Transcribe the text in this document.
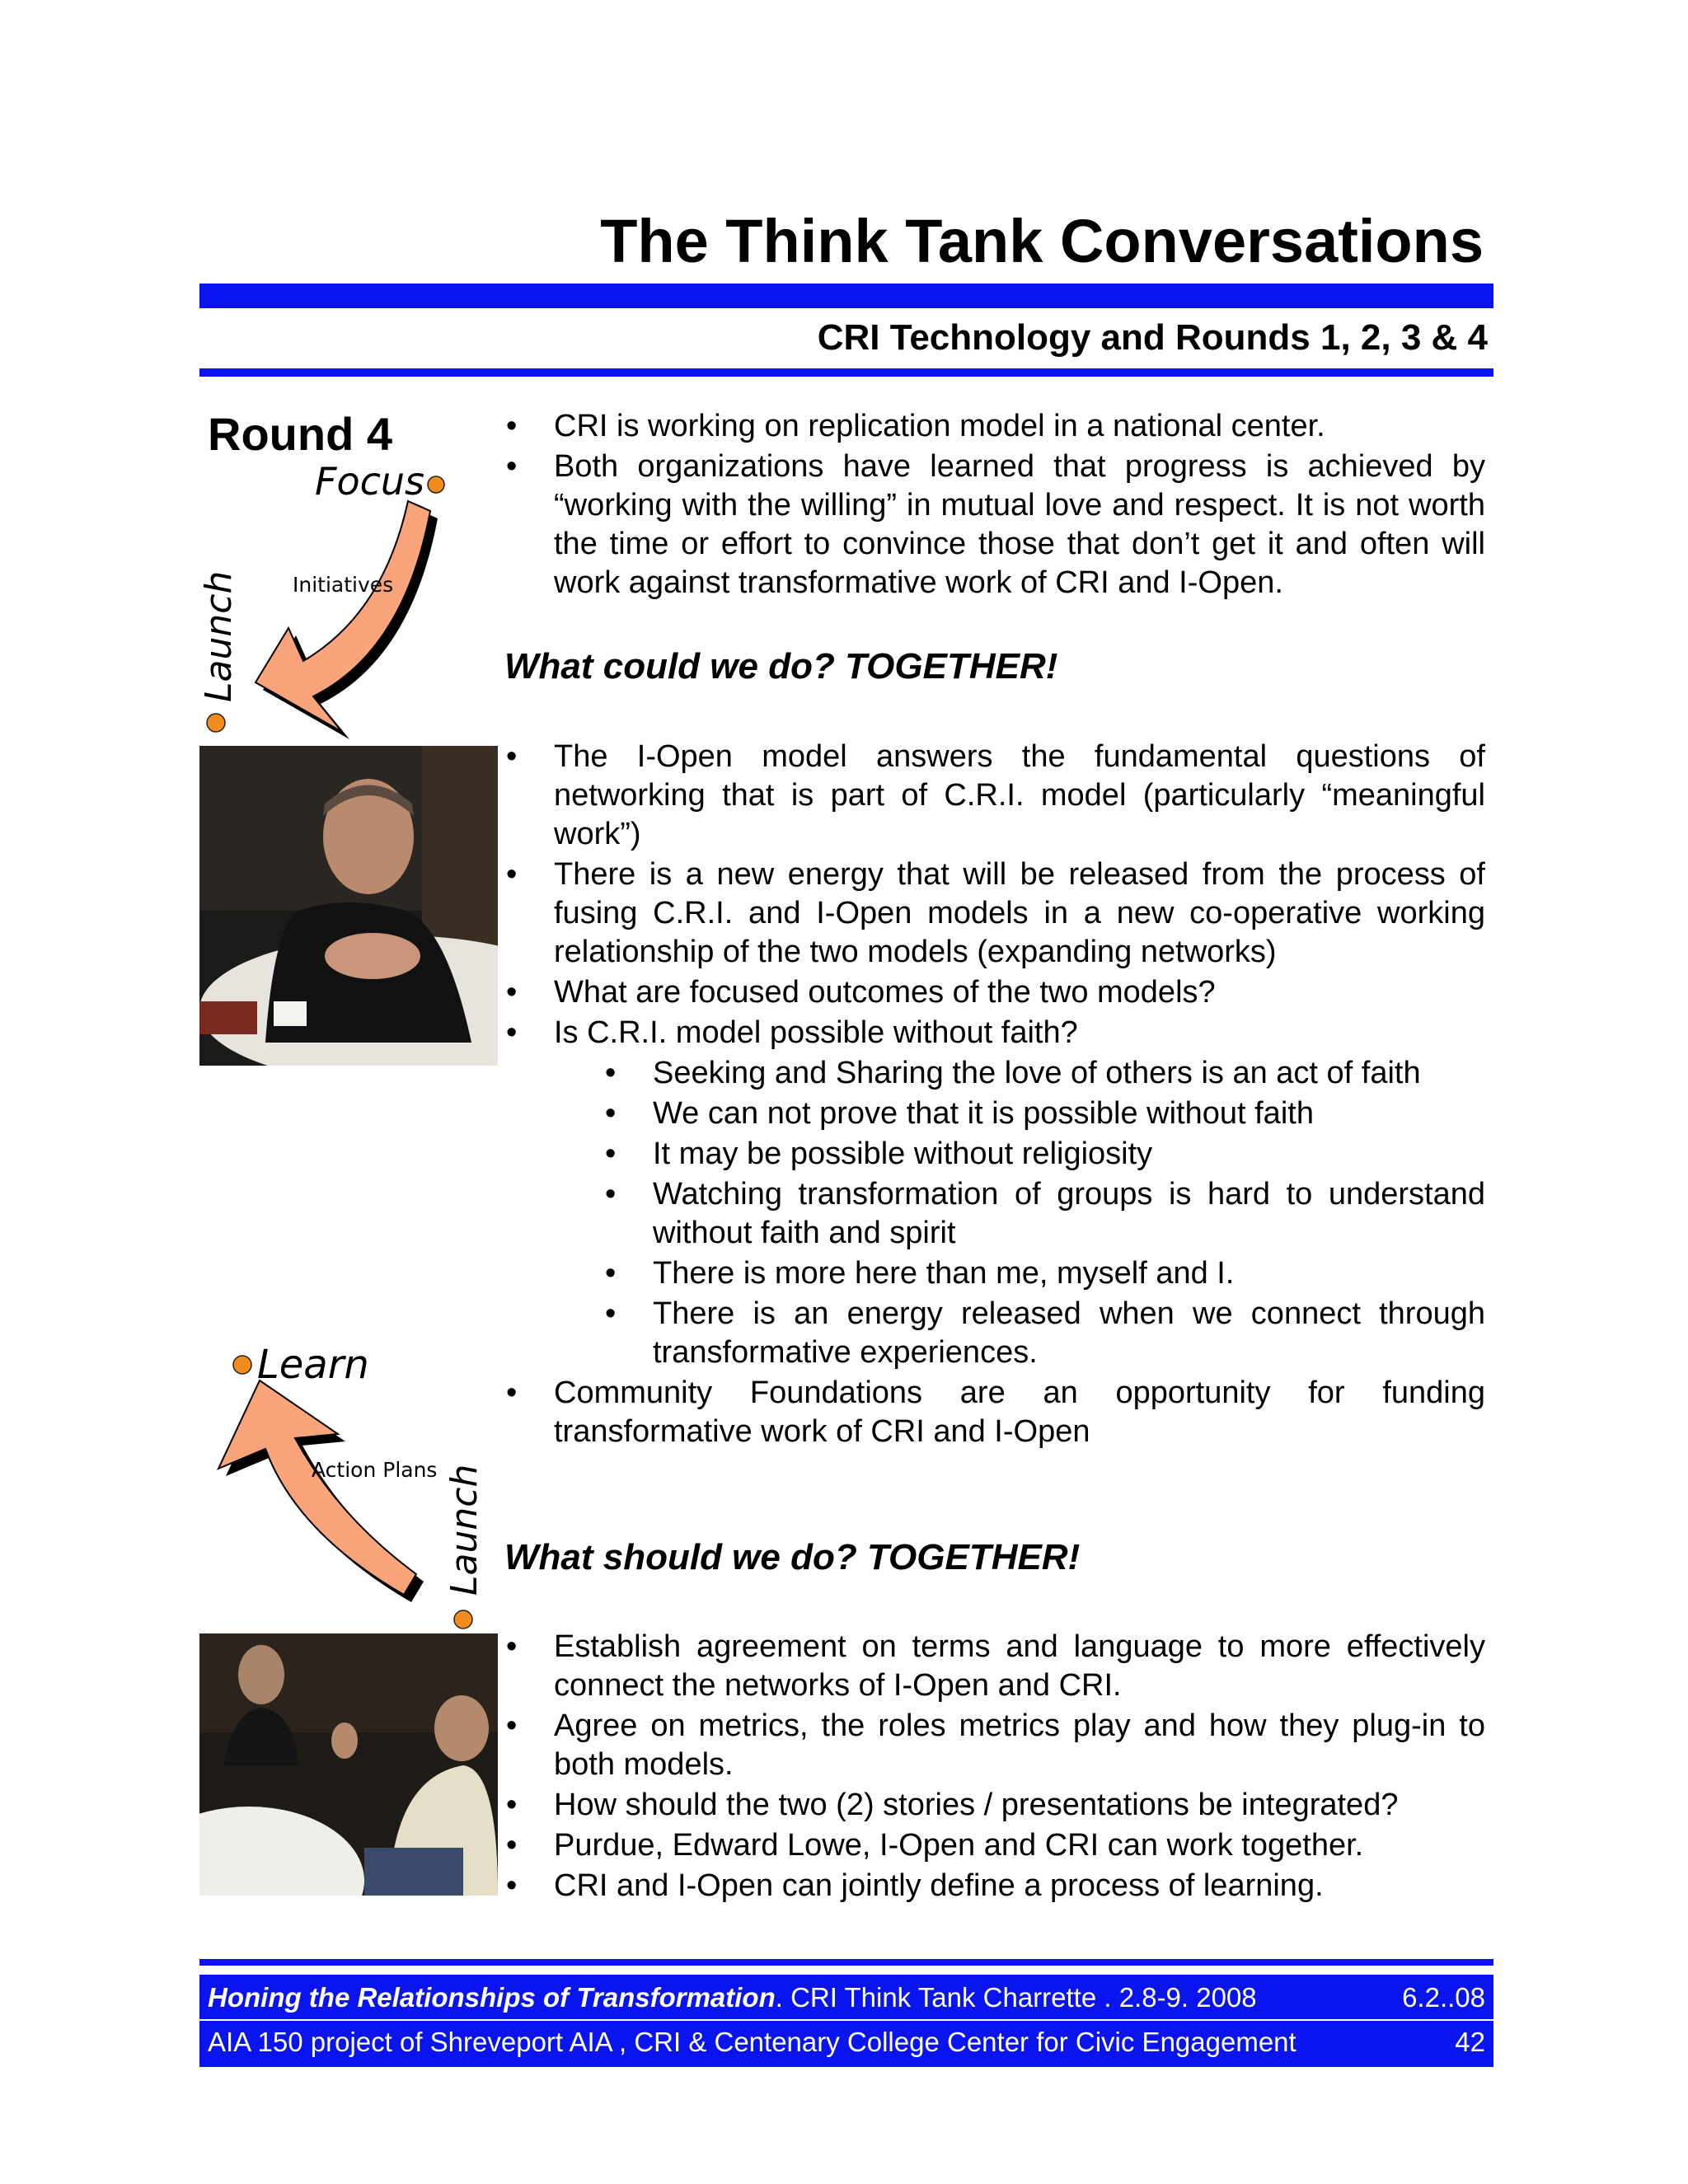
The Think Tank Conversations
CRI Technology and Rounds 1, 2, 3 & 4
Round 4
Focus
Initiatives
Launch
Learn
Action Plans Launch
• CRI is working on replication model in a national center.
• Both organizations have learned that progress is achieved by “working with the willing” in mutual love and respect. It is not worth the time or effort to convince those that don’t get it and often will work against transformative work of CRI and I-Open.
What could we do? TOGETHER!
• The I-Open model answers the fundamental questions of networking that is part of C.R.I. model (particularly “meaningful work”)
• There is a new energy that will be released from the process of fusing C.R.I. and I-Open models in a new co-operative working relationship of the two models (expanding networks)
• What are focused outcomes of the two models?
• Is C.R.I. model possible without faith?
• Seeking and Sharing the love of others is an act of faith
• We can not prove that it is possible without faith
• It may be possible without religiosity
• Watching transformation of groups is hard to understand without faith and spirit
• There is more here than me, myself and I.
• There is an energy released when we connect through transformative experiences.
• Community Foundations are an opportunity for funding transformative work of CRI and I-Open
What should we do? TOGETHER!
• Establish agreement on terms and language to more effectively connect the networks of I-Open and CRI.
• Agree on metrics, the roles metrics play and how they plug-in to both models.
• How should the two (2) stories / presentations be integrated?
• Purdue, Edward Lowe, I-Open and CRI can work together.
• CRI and I-Open can jointly define a process of learning.
Honing the Relationships of Transformation. CRI Think Tank Charrette . 2.8-9. 2008	6.2..08
AIA 150 project of Shreveport AIA , CRI & Centenary College Center for Civic Engagement	42
